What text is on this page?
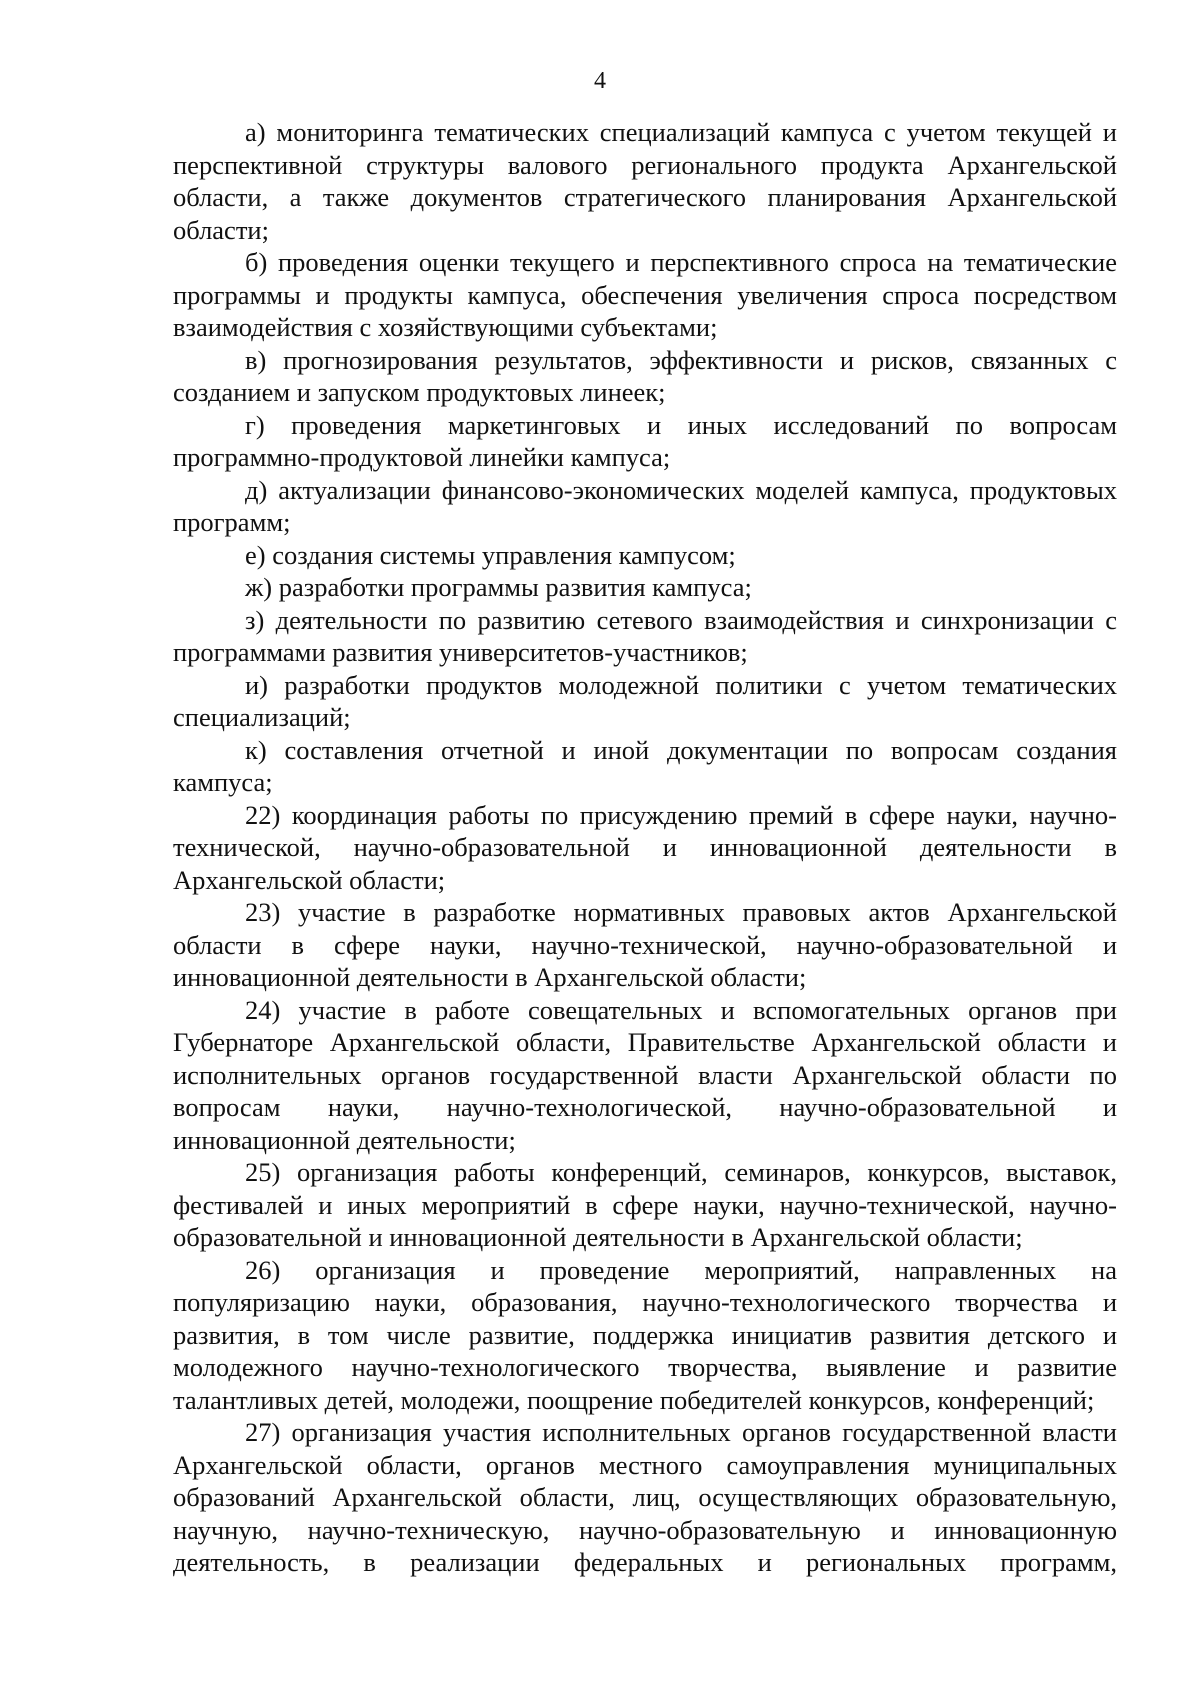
4

а) мониторинга тематических специализаций кампуса с учетом текущей и перспективной структуры валового регионального продукта Архангельской области, а также документов стратегического планирования Архангельской области;

б) проведения оценки текущего и перспективного спроса на тематические программы и продукты кампуса, обеспечения увеличения спроса посредством взаимодействия с хозяйствующими субъектами;

в) прогнозирования результатов, эффективности и рисков, связанных с созданием и запуском продуктовых линеек;

г) проведения маркетинговых и иных исследований по вопросам программно-продуктовой линейки кампуса;

д) актуализации финансово-экономических моделей кампуса, продуктовых программ;

е) создания системы управления кампусом;

ж) разработки программы развития кампуса;

з) деятельности по развитию сетевого взаимодействия и синхронизации с программами развития университетов-участников;

и) разработки продуктов молодежной политики с учетом тематических специализаций;

к) составления отчетной и иной документации по вопросам создания кампуса;

22) координация работы по присуждению премий в сфере науки, научно-технической, научно-образовательной и инновационной деятельности в Архангельской области;

23) участие в разработке нормативных правовых актов Архангельской области в сфере науки, научно-технической, научно-образовательной и инновационной деятельности в Архангельской области;

24) участие в работе совещательных и вспомогательных органов при Губернаторе Архангельской области, Правительстве Архангельской области и исполнительных органов государственной власти Архангельской области по вопросам науки, научно-технологической, научно-образовательной и инновационной деятельности;

25) организация работы конференций, семинаров, конкурсов, выставок, фестивалей и иных мероприятий в сфере науки, научно-технической, научно-образовательной и инновационной деятельности в Архангельской области;

26) организация и проведение мероприятий, направленных на популяризацию науки, образования, научно-технологического творчества и развития, в том числе развитие, поддержка инициатив развития детского и молодежного научно-технологического творчества, выявление и развитие талантливых детей, молодежи, поощрение победителей конкурсов, конференций;

27) организация участия исполнительных органов государственной власти Архангельской области, органов местного самоуправления муниципальных образований Архангельской области, лиц, осуществляющих образовательную, научную, научно-техническую, научно-образовательную и инновационную деятельность, в реализации федеральных и региональных программ,
